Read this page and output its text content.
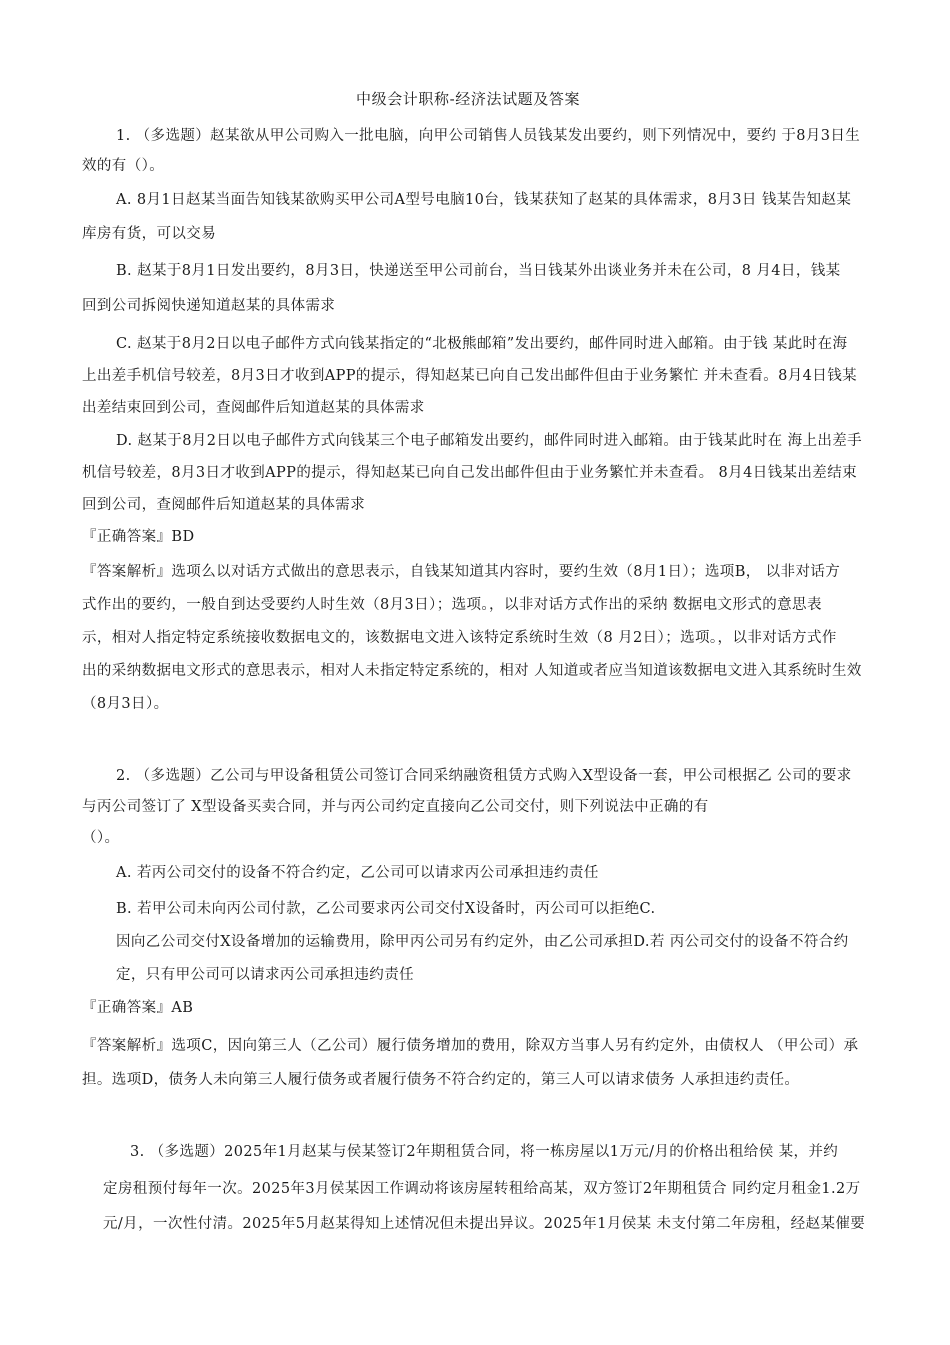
中级会计职称-经济法试题及答案
1. （多选题）赵某欲从甲公司购入一批电脑，向甲公司销售人员钱某发出要约，则下列情况中，要约 于8月3日生
效的有（）。
A. 8月1日赵某当面告知钱某欲购买甲公司A型号电脑10台，钱某获知了赵某的具体需求，8月3日 钱某告知赵某
库房有货，可以交易
B. 赵某于8月1日发出要约，8月3日，快递送至甲公司前台，当日钱某外出谈业务并未在公司，8 月4日，钱某
回到公司拆阅快递知道赵某的具体需求
C. 赵某于8月2日以电子邮件方式向钱某指定的“北极熊邮箱”发出要约，邮件同时进入邮箱。由于钱 某此时在海
上出差手机信号较差，8月3日才收到APP的提示，得知赵某已向自己发出邮件但由于业务繁忙 并未查看。8月4日钱某
出差结束回到公司，查阅邮件后知道赵某的具体需求
D. 赵某于8月2日以电子邮件方式向钱某三个电子邮箱发出要约，邮件同时进入邮箱。由于钱某此时在 海上出差手
机信号较差，8月3日才收到APP的提示，得知赵某已向自己发出邮件但由于业务繁忙并未查看。 8月4日钱某出差结束
回到公司，查阅邮件后知道赵某的具体需求
『正确答案』BD
『答案解析』选项么以对话方式做出的意思表示，自钱某知道其内容时，要约生效（8月1日）；选项B， 以非对话方
式作出的要约，一般自到达受要约人时生效（8月3日）；选项。，以非对话方式作出的采纳 数据电文形式的意思表
示，相对人指定特定系统接收数据电文的，该数据电文进入该特定系统时生效（8 月2日）；选项。，以非对话方式作
出的采纳数据电文形式的意思表示，相对人未指定特定系统的，相对 人知道或者应当知道该数据电文进入其系统时生效
（8月3日）。
2. （多选题）乙公司与甲设备租赁公司签订合同采纳融资租赁方式购入X型设备一套，甲公司根据乙 公司的要求
与丙公司签订了 X型设备买卖合同，并与丙公司约定直接向乙公司交付，则下列说法中正确的有
（）。
A. 若丙公司交付的设备不符合约定，乙公司可以请求丙公司承担违约责任
B. 若甲公司未向丙公司付款，乙公司要求丙公司交付X设备时，丙公司可以拒绝C.
因向乙公司交付X设备增加的运输费用，除甲丙公司另有约定外，由乙公司承担D.若 丙公司交付的设备不符合约
定，只有甲公司可以请求丙公司承担违约责任
『正确答案』AB
『答案解析』选项C，因向第三人（乙公司）履行债务增加的费用，除双方当事人另有约定外，由债权人 （甲公司）承
担。选项D，债务人未向第三人履行债务或者履行债务不符合约定的，第三人可以请求债务 人承担违约责任。
3. （多选题）2025年1月赵某与侯某签订2年期租赁合同，将一栋房屋以1万元/月的价格出租给侯 某，并约
定房租预付每年一次。2025年3月侯某因工作调动将该房屋转租给高某，双方签订2年期租赁合 同约定月租金1.2万
元/月，一次性付清。2025年5月赵某得知上述情况但未提出异议。2025年1月侯某 未支付第二年房租，经赵某催要
